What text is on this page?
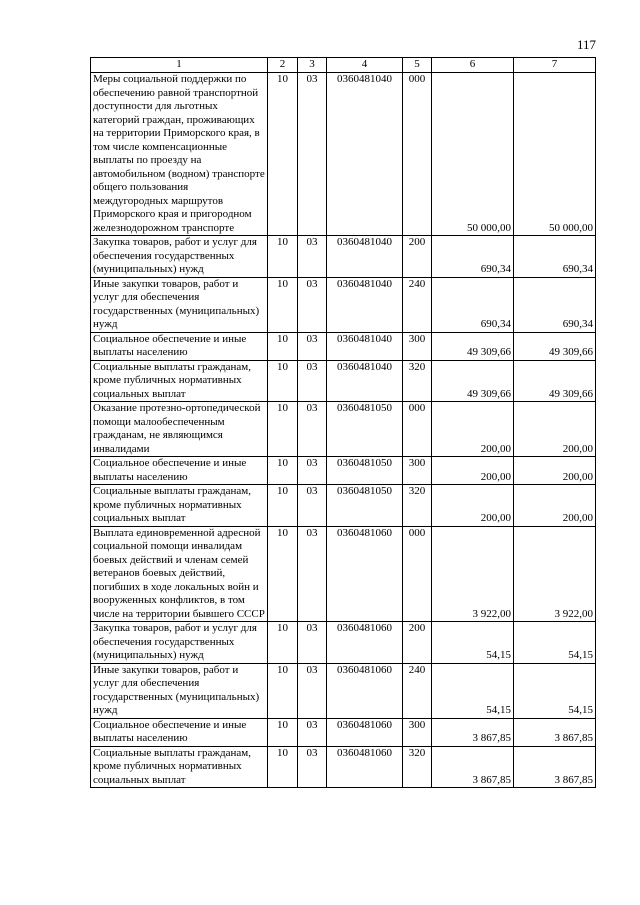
117
1	2	3	4	5	6	7
Меры социальной поддержки по обеспечению равной транспортной доступности для льготных категорий граждан, проживающих на территории Приморского края, в том числе компенсационные выплаты по проезду на автомобильном (водном) транспорте общего пользования междугородных маршрутов Приморского края и пригородном железнодорожном транспорте	10	03	0360481040	000	50 000,00	50 000,00
Закупка товаров, работ и услуг для обеспечения государственных (муниципальных) нужд	10	03	0360481040	200	690,34	690,34
Иные закупки товаров, работ и услуг для обеспечения государственных (муниципальных) нужд	10	03	0360481040	240	690,34	690,34
Социальное обеспечение и иные выплаты населению	10	03	0360481040	300	49 309,66	49 309,66
Социальные выплаты гражданам, кроме публичных нормативных социальных выплат	10	03	0360481040	320	49 309,66	49 309,66
Оказание протезно-ортопедической помощи малообеспеченным гражданам, не являющимся инвалидами	10	03	0360481050	000	200,00	200,00
Социальное обеспечение и иные выплаты населению	10	03	0360481050	300	200,00	200,00
Социальные выплаты гражданам, кроме публичных нормативных социальных выплат	10	03	0360481050	320	200,00	200,00
Выплата единовременной адресной социальной помощи инвалидам боевых действий и членам семей ветеранов боевых действий, погибших в ходе локальных войн и вооруженных конфликтов, в том числе на территории бывшего СССР	10	03	0360481060	000	3 922,00	3 922,00
Закупка товаров, работ и услуг для обеспечения государственных (муниципальных) нужд	10	03	0360481060	200	54,15	54,15
Иные закупки товаров, работ и услуг для обеспечения государственных (муниципальных) нужд	10	03	0360481060	240	54,15	54,15
Социальное обеспечение и иные выплаты населению	10	03	0360481060	300	3 867,85	3 867,85
Социальные выплаты гражданам, кроме публичных нормативных социальных выплат	10	03	0360481060	320	3 867,85	3 867,85
